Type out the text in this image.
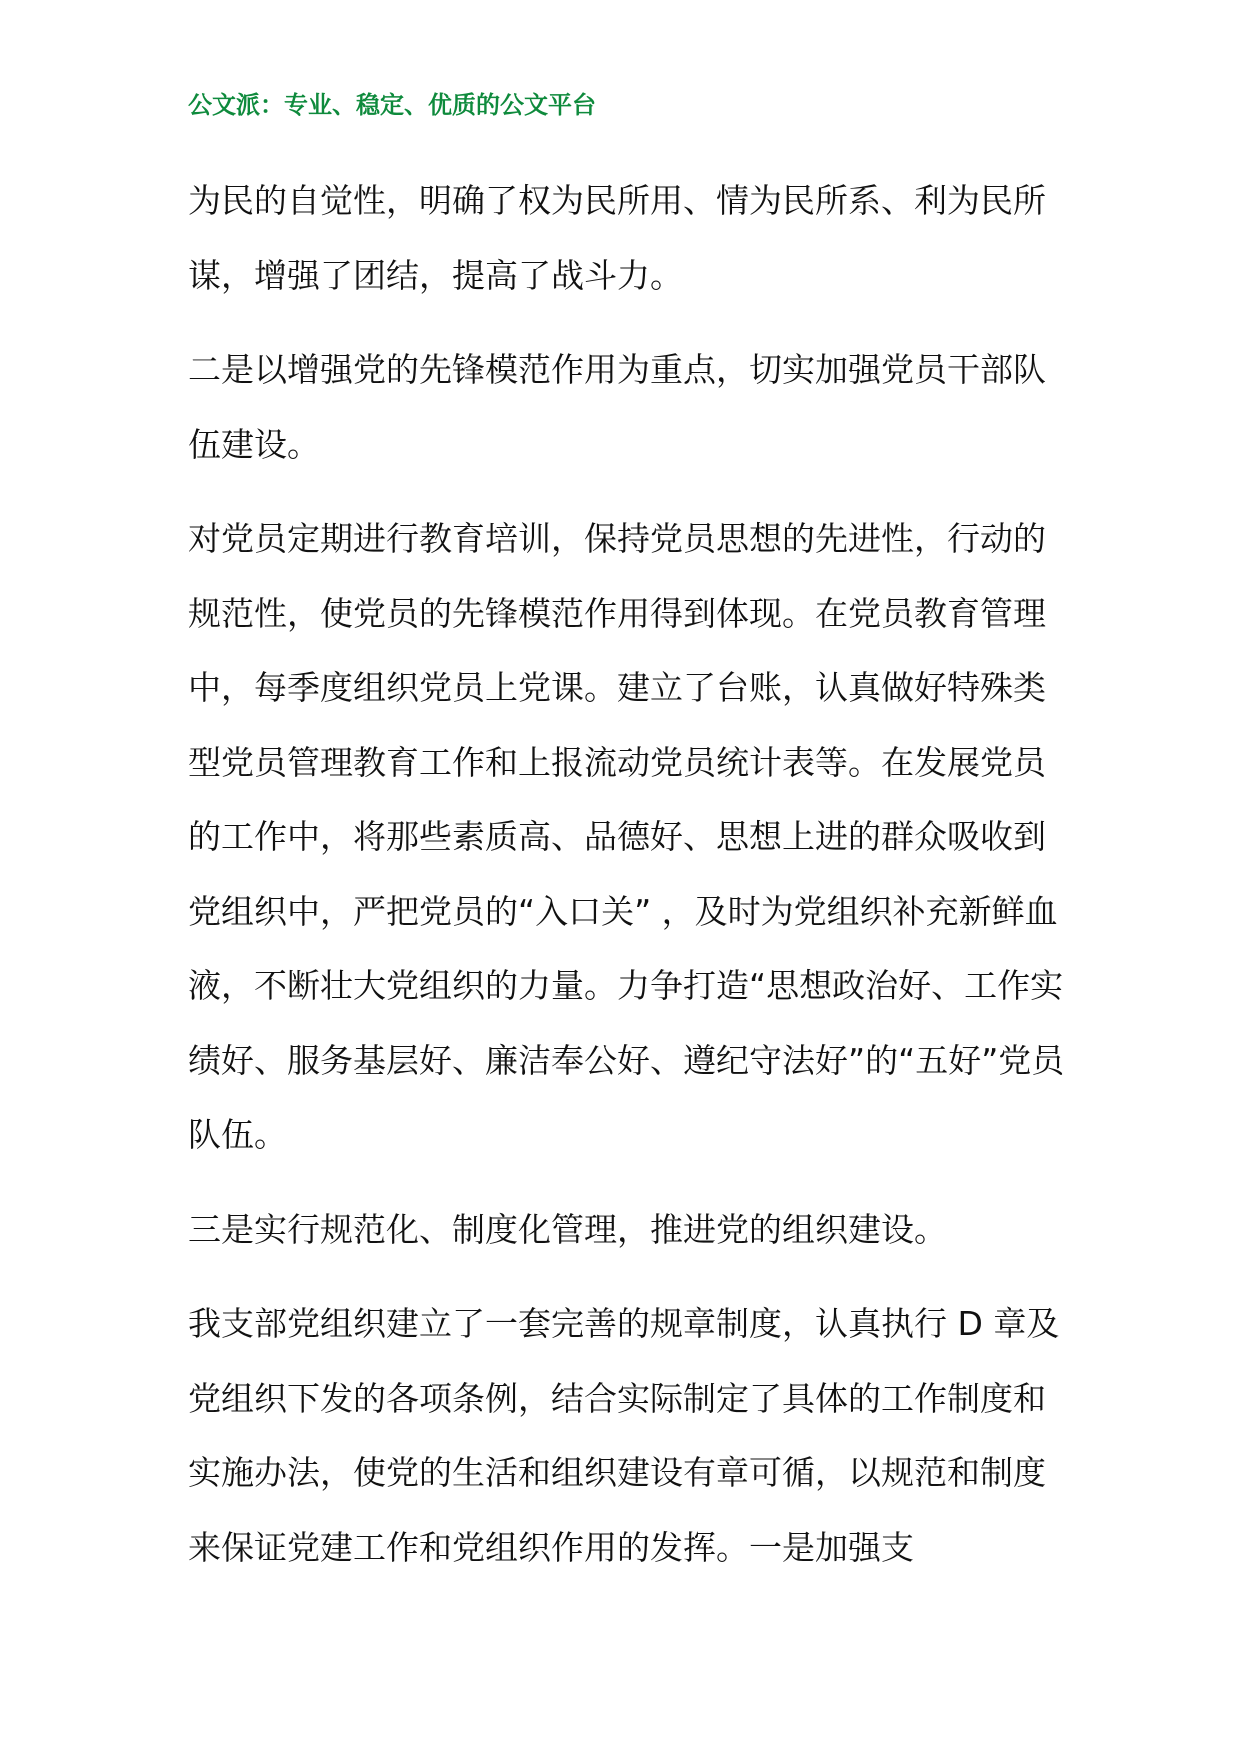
公文派：专业、稳定、优质的公文平台

为民的自觉性，明确了权为民所用、情为民所系、利为民所谋，增强了团结，提高了战斗力。

二是以增强党的先锋模范作用为重点，切实加强党员干部队伍建设。

对党员定期进行教育培训，保持党员思想的先进性，行动的规范性，使党员的先锋模范作用得到体现。在党员教育管理中，每季度组织党员上党课。建立了台账，认真做好特殊类型党员管理教育工作和上报流动党员统计表等。在发展党员的工作中，将那些素质高、品德好、思想上进的群众吸收到党组织中，严把党员的“入口关” ，及时为党组织补充新鲜血液，不断壮大党组织的力量。力争打造“思想政治好、工作实绩好、服务基层好、廉洁奉公好、遵纪守法好”的“五好”党员队伍。

三是实行规范化、制度化管理，推进党的组织建设。

我支部党组织建立了一套完善的规章制度，认真执行 D 章及党组织下发的各项条例，结合实际制定了具体的工作制度和实施办法，使党的生活和组织建设有章可循，以规范和制度来保证党建工作和党组织作用的发挥。一是加强支
